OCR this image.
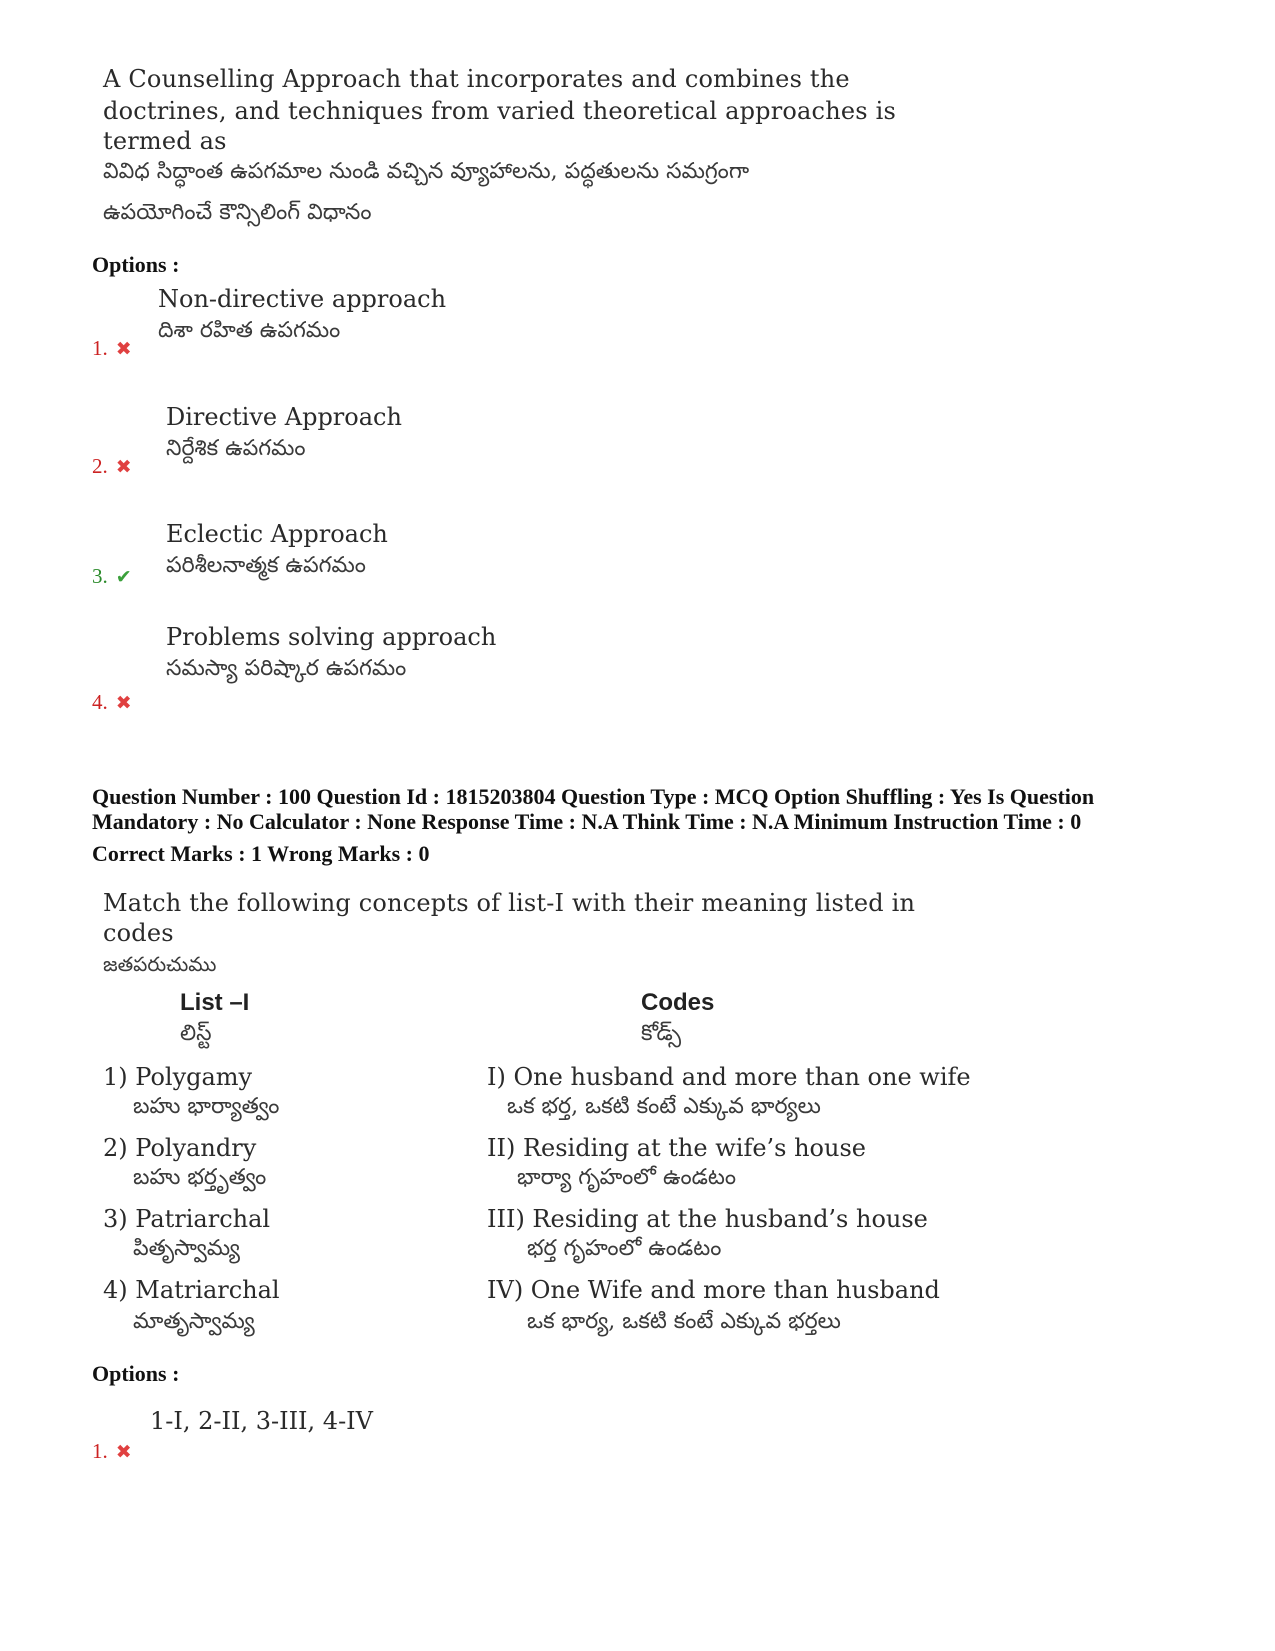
A Counselling Approach that incorporates and combines the
doctrines, and techniques from varied theoretical approaches is
termed as
వివిధ సిద్ధాంత ఉపగమాల నుండి వచ్చిన వ్యూహాలను, పద్ధతులను సమగ్రంగా
ఉపయోగించే కౌన్సిలింగ్ విధానం
Options :
Non-directive approach
దిశా రహిత ఉపగమం
1. ✖
Directive Approach
నిర్దేశిక ఉపగమం
2. ✖
Eclectic Approach
పరిశీలనాత్మక ఉపగమం
3. ✔
Problems solving approach
సమస్యా పరిష్కార ఉపగమం
4. ✖
Question Number : 100 Question Id : 1815203804 Question Type : MCQ Option Shuffling : Yes Is Question
Mandatory : No Calculator : None Response Time : N.A Think Time : N.A Minimum Instruction Time : 0
Correct Marks : 1 Wrong Marks : 0
Match the following concepts of list-I with their meaning listed in
codes
జతపరుచుము
List –I
లిస్ట్
Codes
కోడ్స్
1) Polygamy
బహు భార్యాత్వం
2) Polyandry
బహు భర్తృత్వం
3) Patriarchal
పితృస్వామ్య
4) Matriarchal
మాతృస్వామ్య
I) One husband and more than one wife
ఒక భర్త, ఒకటి కంటే ఎక్కువ భార్యలు
II) Residing at the wife’s house
భార్యా గృహంలో ఉండటం
III) Residing at the husband’s house
భర్త గృహంలో ఉండటం
IV) One Wife and more than husband
ఒక భార్య, ఒకటి కంటే ఎక్కువ భర్తలు
Options :
1-I, 2-II, 3-III, 4-IV
1. ✖
